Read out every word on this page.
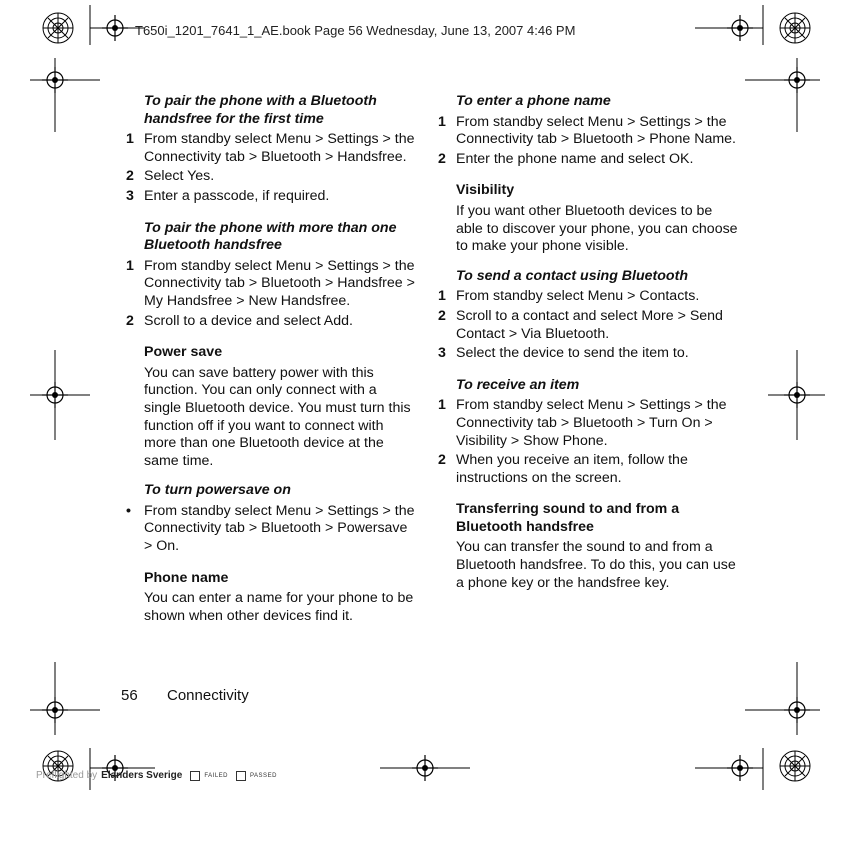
T650i_1201_7641_1_AE.book Page 56 Wednesday, June 13, 2007 4:46 PM
To pair the phone with a Bluetooth handsfree for the first time
1 From standby select Menu > Settings > the Connectivity tab > Bluetooth > Handsfree.
2 Select Yes.
3 Enter a passcode, if required.
To pair the phone with more than one Bluetooth handsfree
1 From standby select Menu > Settings > the Connectivity tab > Bluetooth > Handsfree > My Handsfree > New Handsfree.
2 Scroll to a device and select Add.
Power save
You can save battery power with this function. You can only connect with a single Bluetooth device. You must turn this function off if you want to connect with more than one Bluetooth device at the same time.
To turn powersave on
• From standby select Menu > Settings > the Connectivity tab > Bluetooth > Powersave > On.
Phone name
You can enter a name for your phone to be shown when other devices find it.
To enter a phone name
1 From standby select Menu > Settings > the Connectivity tab > Bluetooth > Phone Name.
2 Enter the phone name and select OK.
Visibility
If you want other Bluetooth devices to be able to discover your phone, you can choose to make your phone visible.
To send a contact using Bluetooth
1 From standby select Menu > Contacts.
2 Scroll to a contact and select More > Send Contact > Via Bluetooth.
3 Select the device to send the item to.
To receive an item
1 From standby select Menu > Settings > the Connectivity tab > Bluetooth > Turn On > Visibility > Show Phone.
2 When you receive an item, follow the instructions on the screen.
Transferring sound to and from a Bluetooth handsfree
You can transfer the sound to and from a Bluetooth handsfree. To do this, you can use a phone key or the handsfree key.
56 Connectivity
Preflighted by Elanders Sverige	FAILED	PASSED
